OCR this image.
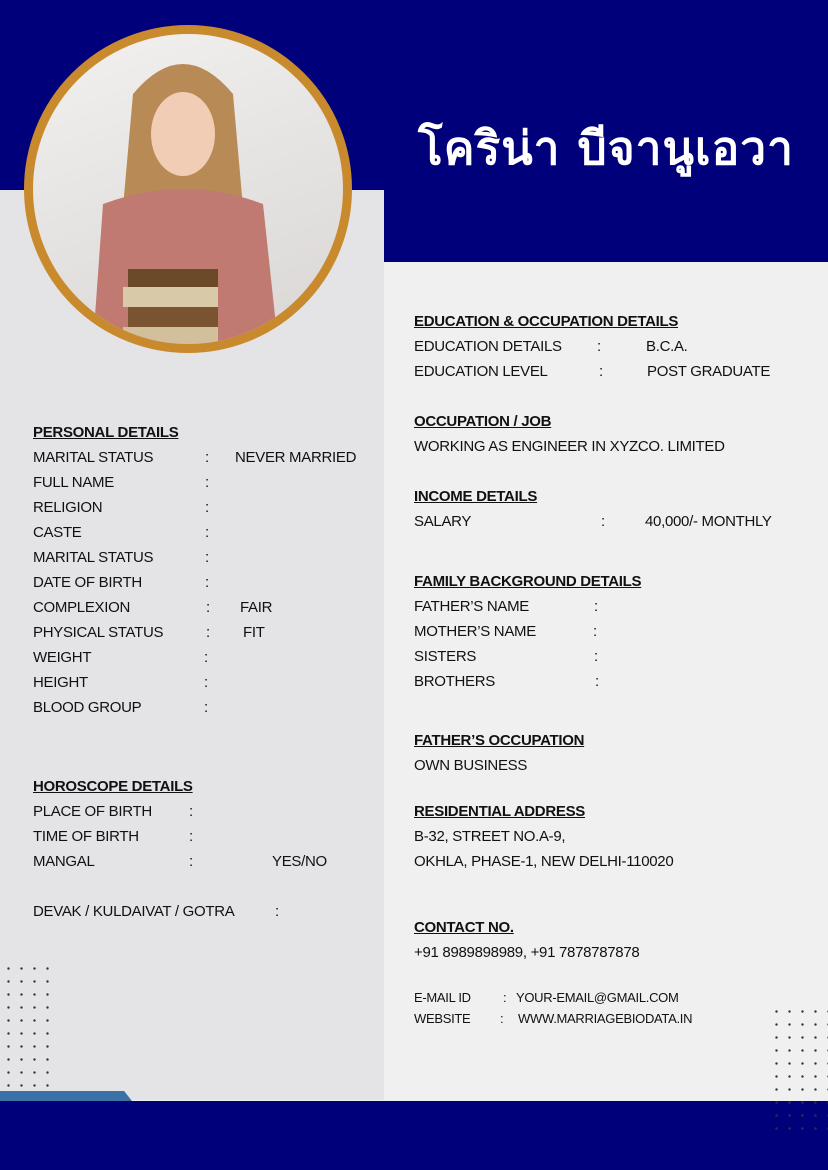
โคริน่า บีจานูเอวา
PERSONAL DETAILS
MARITAL STATUS	: NEVER MARRIED
FULL NAME	:
RELIGION	:
CASTE	:
MARITAL STATUS	:
DATE OF BIRTH	:
COMPLEXION	: FAIR
PHYSICAL STATUS	: FIT
WEIGHT	:
HEIGHT	:
BLOOD GROUP	:
HOROSCOPE DETAILS
PLACE OF BIRTH :
TIME OF BIRTH	:
MANGAL	:	YES/NO
DEVAK / KULDAIVAT / GOTRA	:
EDUCATION & OCCUPATION DETAILS
EDUCATION DETAILS :	B.C.A.
EDUCATION LEVEL	:	POST GRADUATE
OCCUPATION / JOB
WORKING AS ENGINEER IN XYZCO. LIMITED
INCOME DETAILS
SALARY	:	40,000/- MONTHLY
FAMILY BACKGROUND DETAILS
FATHER’S NAME	:
MOTHER’S NAME	:
SISTERS	:
BROTHERS	:
FATHER’S OCCUPATION
OWN BUSINESS
RESIDENTIAL ADDRESS
B-32, STREET NO.A-9,
OKHLA, PHASE-1, NEW DELHI-110020
CONTACT NO.
+91 8989898989, +91 7878787878
E-MAIL ID : YOUR-EMAIL@GMAIL.COM
WEBSITE : WWW.MARRIAGEBIODATA.IN
